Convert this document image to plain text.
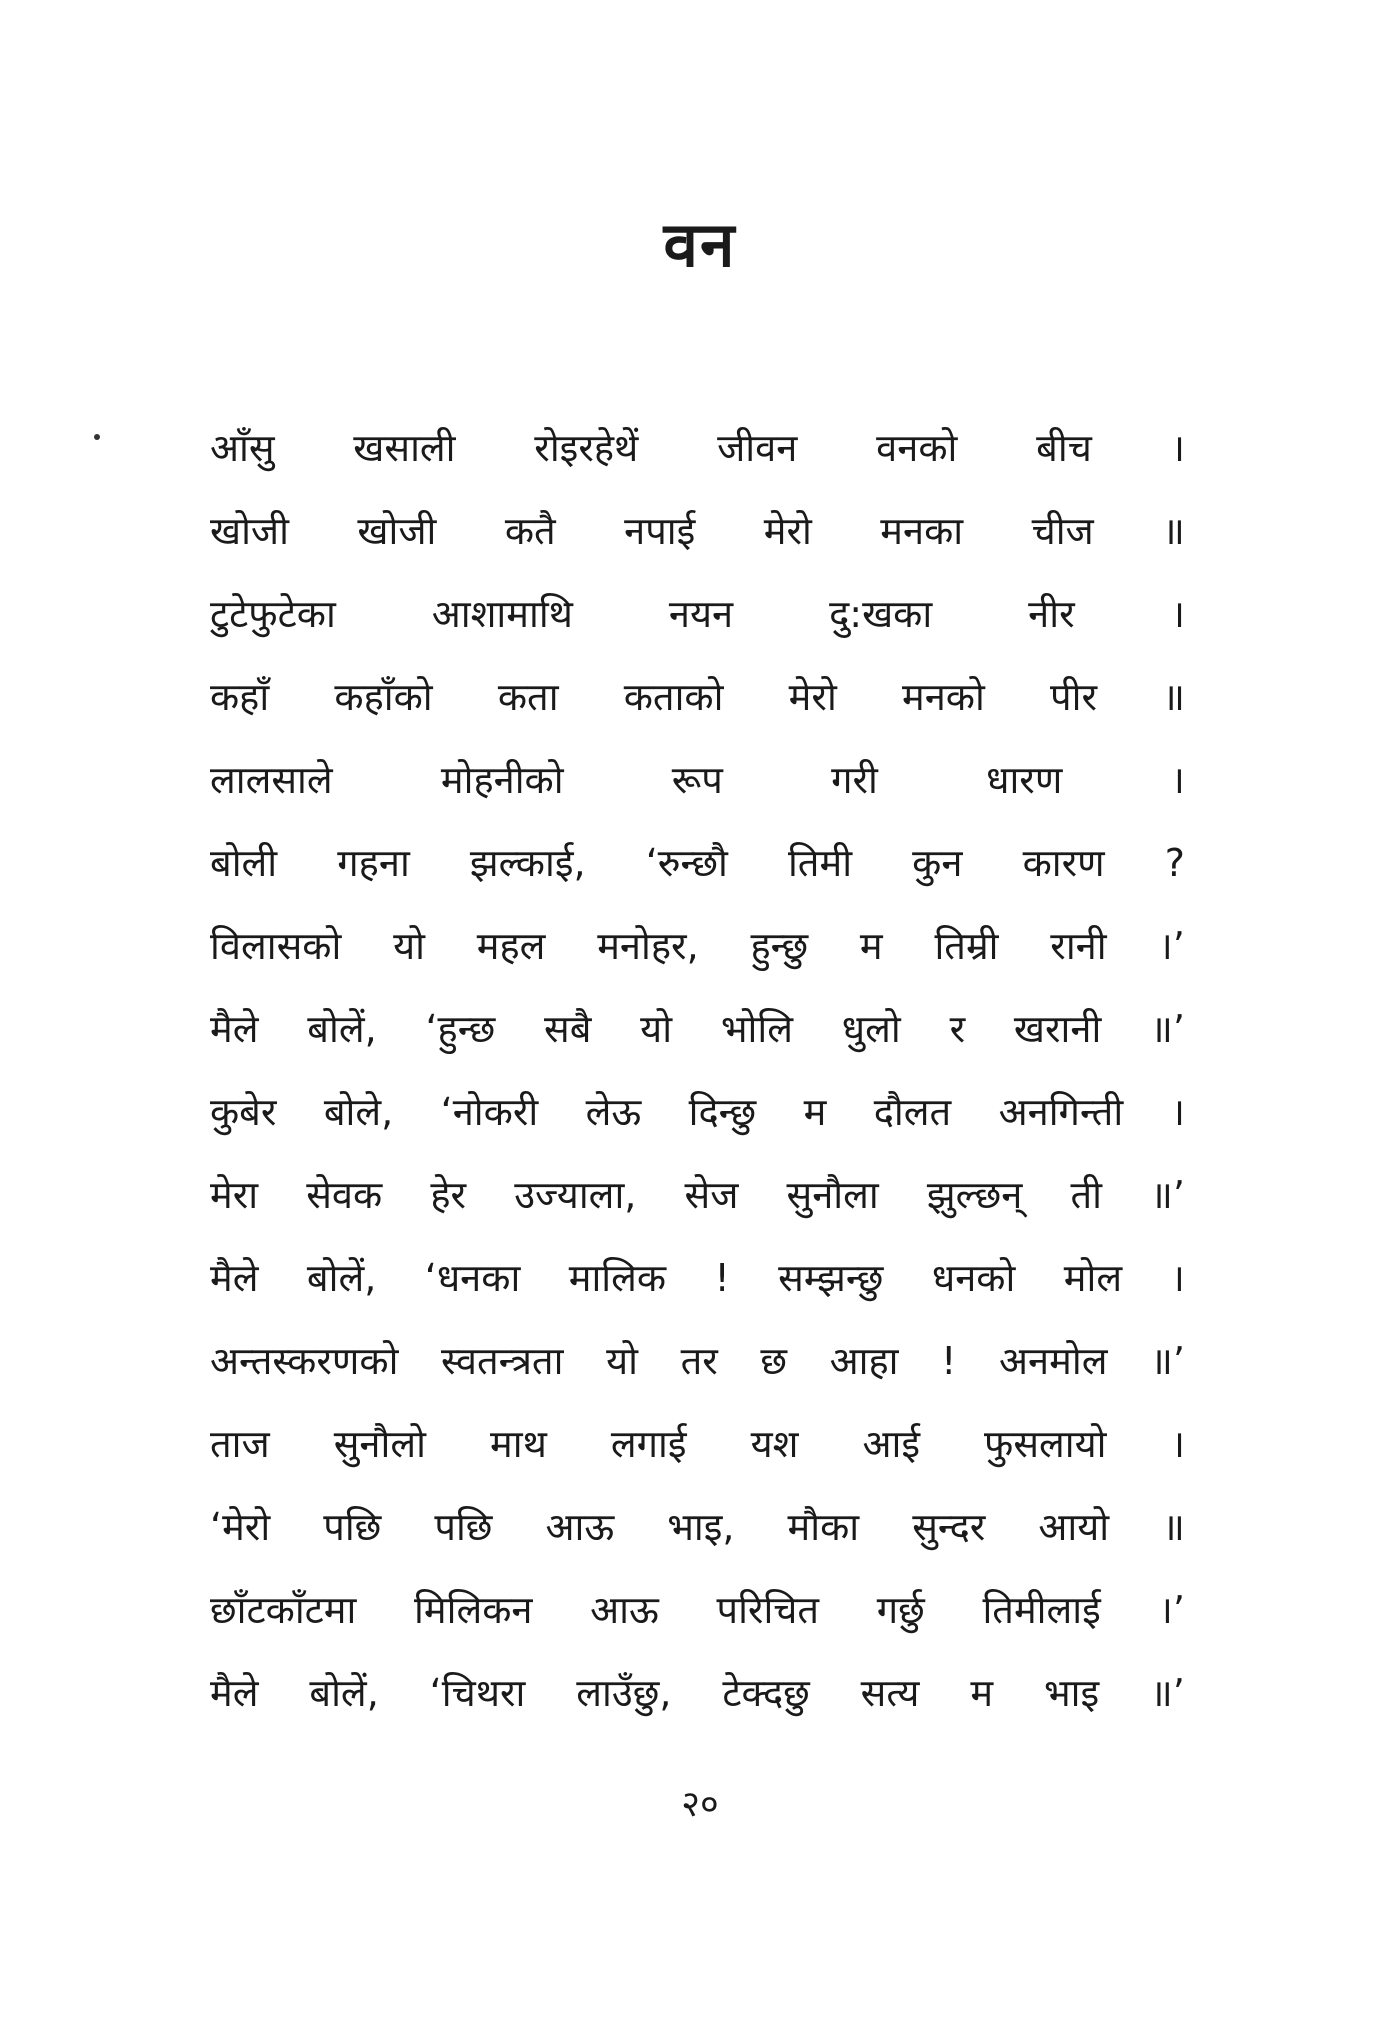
वन
आँसु खसाली रोइरहेथें जीवन वनको बीच ।
खोजी खोजी कतै नपाई मेरो मनका चीज ॥
टुटेफुटेका	आशामाथि	नयन	दु:खका	नीर	।
कहाँ कहाँको कता कताको मेरो मनको पीर ॥
लालसाले	मोहनीको	रूप	गरी	धारण	।
बोली गहना झल्काई, ‘रुन्छौ तिमी कुन कारण ?
विलासको यो महल मनोहर, हुन्छु म तिम्री रानी ।’
मैले बोलें, ‘हुन्छ सबै यो भोलि धुलो र खरानी ॥’
कुबेर बोले, ‘नोकरी लेऊ दिन्छु म दौलत अनगिन्ती ।
मेरा सेवक हेर उज्याला, सेज सुनौला झुल्छन् ती ॥’
मैले बोलें, ‘धनका मालिक ! सम्झन्छु धनको मोल ।
अन्तस्करणको स्वतन्त्रता यो तर छ आहा ! अनमोल ॥’
ताज सुनौलो माथ लगाई यश आई फुसलायो ।
‘मेरो पछि पछि आऊ भाइ, मौका सुन्दर आयो ॥
छाँटकाँटमा मिलिकन आऊ परिचित गर्छु तिमीलाई ।’
मैले बोलें, ‘चिथरा लाउँछु, टेक्दछु सत्य म भाइ ॥’
२०
